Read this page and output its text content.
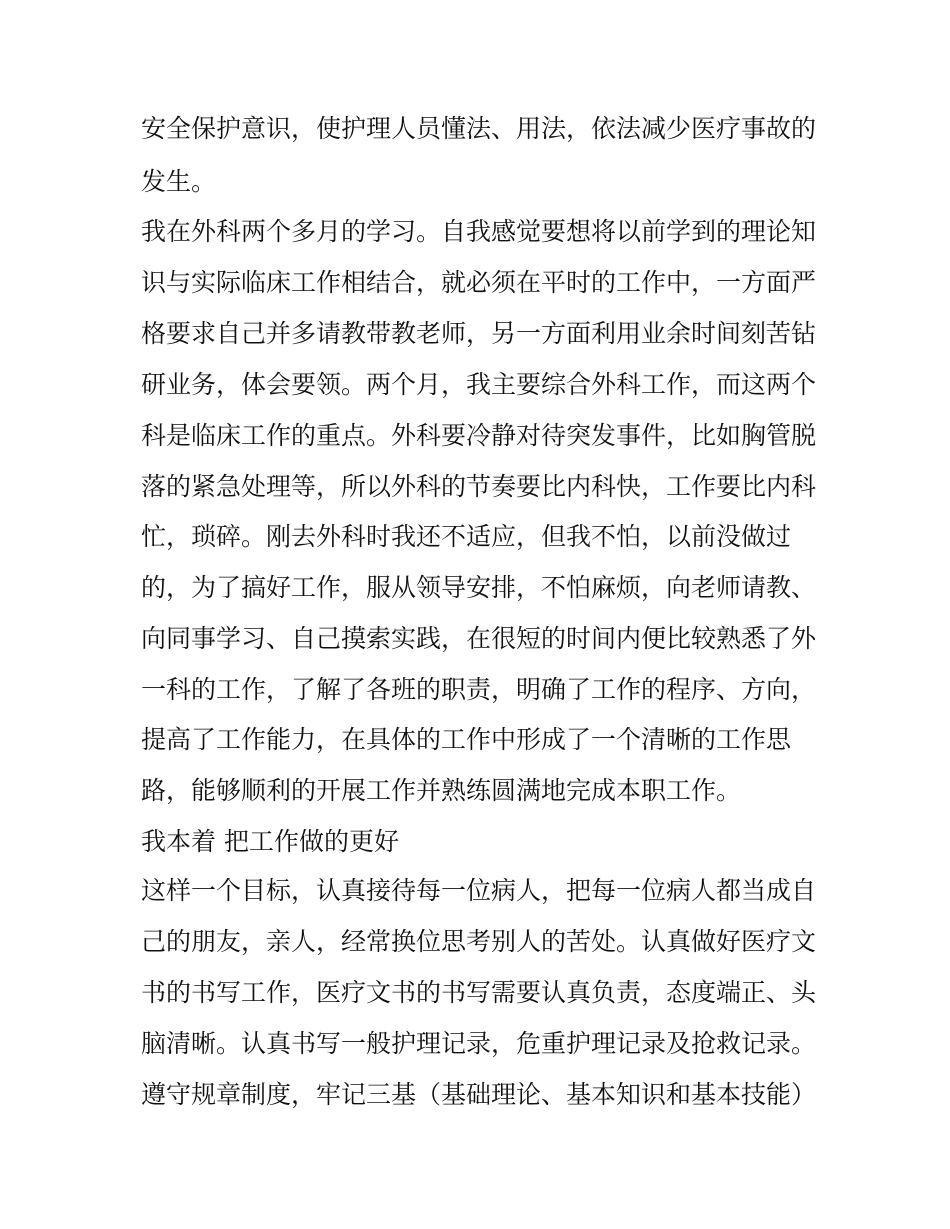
安全保护意识，使护理人员懂法、用法，依法减少医疗事故的

发生。

我在外科两个多月的学习。自我感觉要想将以前学到的理论知

识与实际临床工作相结合，就必须在平时的工作中，一方面严

格要求自己并多请教带教老师，另一方面利用业余时间刻苦钻

研业务，体会要领。两个月，我主要综合外科工作，而这两个

科是临床工作的重点。外科要冷静对待突发事件，比如胸管脱

落的紧急处理等，所以外科的节奏要比内科快，工作要比内科

忙，琐碎。刚去外科时我还不适应，但我不怕，以前没做过

的，为了搞好工作，服从领导安排，不怕麻烦，向老师请教、

向同事学习、自己摸索实践，在很短的时间内便比较熟悉了外

一科的工作，了解了各班的职责，明确了工作的程序、方向，

提高了工作能力，在具体的工作中形成了一个清晰的工作思

路，能够顺利的开展工作并熟练圆满地完成本职工作。

我本着 把工作做的更好

这样一个目标，认真接待每一位病人，把每一位病人都当成自

己的朋友，亲人，经常换位思考别人的苦处。认真做好医疗文

书的书写工作，医疗文书的书写需要认真负责，态度端正、头

脑清晰。认真书写一般护理记录，危重护理记录及抢救记录。

遵守规章制度，牢记三基（基础理论、基本知识和基本技能）
